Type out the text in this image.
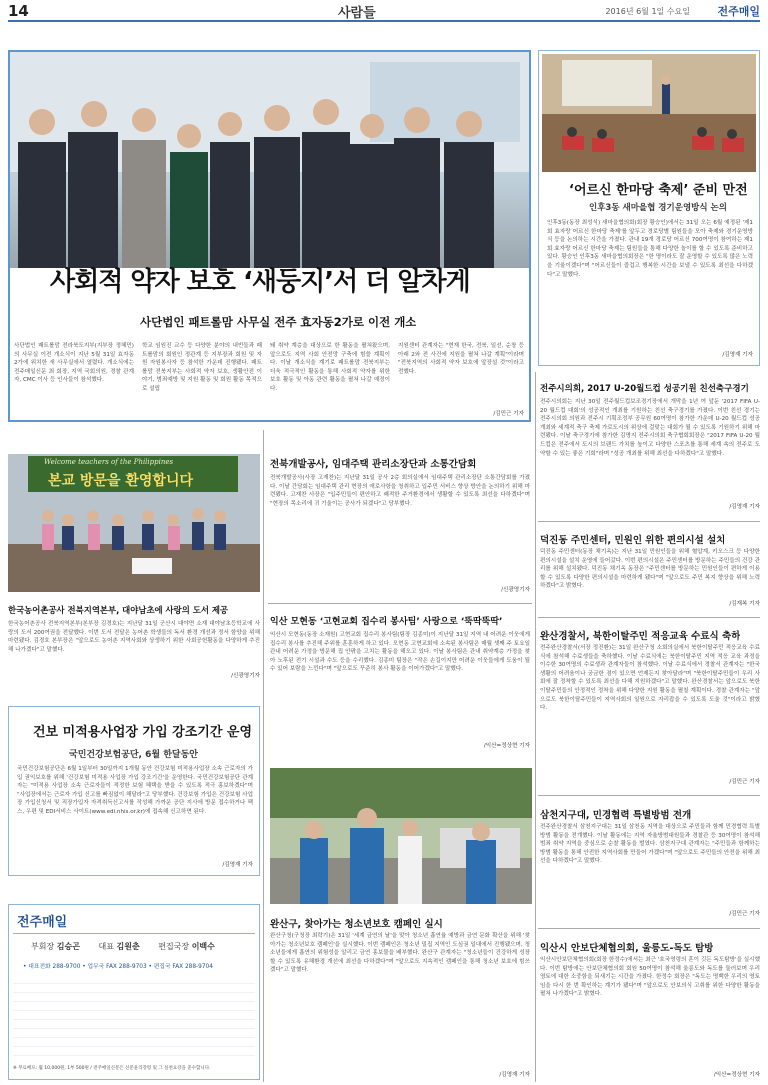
14	사람들	2016년 6월 1일 수요일 전주매일
사회적 약자 보호 ‘새둥지’서 더 알차게
사단법인 패트롤맘 사무실 전주 효자동2가로 이전 개소
사단법인 패트롤맘 전라북도지부(지부장 정혜민)의 사무실 이전 개소식이 지난 5월 31일 효자동 2가에 위치한 새 사무실에서 열렸다. 개소식에는 전주매일신문 최 회장, 지역 국회의원, 경찰 관계자, CMC 이사 등 인사들이 참석했다.
학교 임원진 교수 등 다양한 분야의 내빈들과 패트롤맘의 회원인 정관계 등 지부장과 회원 및 자원 자원봉사자 등 참석한 가운데 진행됐다. 패트롤맘 전북지부는 사회적 약자 보호, 생활안전 이야기, 범죄예방 및 지원 활동 및 회원 활동 목적으로 설립
돼 취약 계층을 대상으로 한 활동을 펼쳐왔으며, 앞으로도 지역 사회 안전망 구축에 힘쓸 계획이다. 이날 개소식을 계기로 패트롤맘 전북지부는 더욱 적극적인 활동을 통해 사회적 약자를 위한 보호 활동 및 아동 관련 활동을 펼쳐 나갈 예정이다.
지원센터 관계자는 "현재 한국, 전북, 일선, 순창 등 아래 2와 전 사건에 지원을 펼쳐 나갈 계획"이라며 "전북지역의 사회적 약자 보호에 앞장설 것"이라고 전했다.
/김민근 기자
‘어르신 한마당 축제’ 준비 만전
인후3동 새마을협 경기운영방식 논의
인후3동(동장 최성식) 새마을협의회(회장 황승인)에서는 31일 오는 6월 예정된 '제1회 효자랑 어르신 한마당 축제'를 앞두고 경로당별 팀원들을 모아 축제와 경기운영방식 등을 논의하는 시간을 가졌다. 관내 19개 경로당 어르신 700여명이 참여하는 제1회 효자랑 어르신 한마당 축제는 팀원들을 통해 다양한 놀이를 할 수 있도록 준비하고 있다. 황승인 인후3동 새마을협의회장은 "한 명이라도 잘 운영할 수 있도록 많은 노력을 기울이겠다"며 "어르신들이 즐겁고 행복한 시간을 보낼 수 있도록 최선을 다하겠다"고 말했다.
/김영재 기자
전주시의회, 2017 U-20월드컵 성공기원 친선축구경기
전주시의회는 지난 30일 전주월드컵보조경기장에서 개막을 1년 여 앞둔 '2017 FIFA U-20 월드컵 대회'의 성공적인 개최를 기원하는 친선 축구경기를 가졌다. 이번 친선 경기는 전주시의회 의원과 전주시 기획조정부 공무원 60여명이 참가한 가운데 U-20 월드컵 성공 개최와 세계적 축구 축제 가로도시의 위상에 걸맞는 대회가 될 수 있도록 기원하기 위해 마련됐다. 이날 축구경기에 참가한 김명지 전주시의회 축구협회회장은 "2017 FIFA U-20 월드컵은 전주에서 도시의 브랜드 가치를 높이고 다양한 스포츠를 통해 세계 속의 전주로 도약할 수 있는 좋은 기회"라며 "성공 개최를 위해 최선을 다하겠다"고 말했다.
/김영재 기자
덕진동 주민센터, 민원인 위한 편의시설 설치
덕진동 주민센터(동장 채기옥)는 지난 31일 민원인들을 위해 혈압계, 키오스크 등 다양한 편의시설을 설치 운영에 들어갔다. 이번 편의시설은 주민센터를 방문하는 주민들의 건강 관리를 위해 설치됐다. 덕진동 채기옥 동장은 "주민센터를 방문하는 민원인들이 편하게 이용할 수 있도록 다양한 편의시설을 마련하게 됐다"며 "앞으로도 주민 복지 향상을 위해 노력하겠다"고 밝혔다.
/김재복 기자
완산경찰서, 북한이탈주민 적응교육 수료식 축하
전주완산경찰서(서장 정진환)는 31일 완산구청 소회의실에서 북한이탈주민 적응교육 수료식에 참석해 수료생들을 축하했다. 이날 수료식에는 북한이탈주민 지역 적응 교육 과정을 이수한 30여명의 수료생과 관계자들이 참석했다. 이날 수료식에서 경찰서 관계자는 "한국 생활의 어려움이나 궁금한 점이 있으면 언제든지 찾아달라"며 "북한이탈주민들이 우리 사회에 잘 정착할 수 있도록 최선을 다해 지원하겠다"고 말했다. 완산경찰서는 앞으로도 북한이탈주민들의 안정적인 정착을 위해 다양한 지원 활동을 펼칠 계획이다. 경찰 관계자는 "앞으로도 북한이탈주민들이 지역사회의 일원으로 자리잡을 수 있도록 도울 것"이라고 밝혔다.
/김민근 기자
삼천지구대, 민경협력 특별방범 전개
전주완산경찰서 삼천지구대는 31일 삼천동 지역을 대상으로 주민들과 함께 민경협력 특별방범 활동을 전개했다. 이날 활동에는 지역 자율방범대원들과 경찰관 등 30여명이 참석해 범죄 취약 지역을 중심으로 순찰 활동을 벌였다. 삼천지구대 관계자는 "주민들과 함께하는 방범 활동을 통해 안전한 지역사회를 만들어 가겠다"며 "앞으로도 주민들의 안전을 위해 최선을 다하겠다"고 말했다.
/김민근 기자
익산시 안보단체협의회, 울릉도-독도 탐방
익산시안보단체협의회(회장 한정수)에서는 최근 '호국영령의 혼이 깃든 독도탐방'을 실시했다. 이번 탐방에는 안보단체협의회 회원 50여명이 참석해 울릉도와 독도를 둘러보며 우리 영토에 대한 소중함을 되새기는 시간을 가졌다. 한정수 회장은 "독도는 명백한 우리의 영토임을 다시 한 번 확인하는 계기가 됐다"며 "앞으로도 안보의식 고취를 위한 다양한 활동을 펼쳐 나가겠다"고 밝혔다.
/익산=정상현 기자
Welcome teachers of the Philippines
본교 방문을 환영합니다
한국농어촌공사 전북지역본부, 대야남초에 사랑의 도서 제공
한국농어촌공사 전북지역본부(본부장 김경호)는 지난달 31일 군산시 대야면 소재 대야남초등학교에 사랑의 도서 200여권을 전달했다. 이번 도서 전달은 농어촌 학생들의 독서 환경 개선과 정서 함양을 위해 마련됐다. 김경호 본부장은 "앞으로도 농어촌 지역사회와 상생하기 위한 사회공헌활동을 다양하게 추진해 나가겠다"고 말했다.
/신광영기자
건보 미적용사업장 가입 강조기간 운영
국민건강보험공단, 6월 한달동안
국민건강보험공단은 6월 1일부터 30일까지 1개월 동안 건강보험 미적용사업장 소속 근로자의 가입 권익보호를 위해 '건강보험 미적용 사업장 가입 강조기간'을 운영한다. 국민건강보험공단 관계자는 "미적용 사업장 소속 근로자들이 적정한 보험 혜택을 받을 수 있도록 적극 홍보하겠다"며 "사업장에서는 근로자 가입 신고를 빠짐없이 해달라"고 당부했다. 건강보험 가입은 건강보험 사업장 가입신청서 및 직장가입자 자격취득신고서를 작성해 가까운 공단 지사에 방문 접수하거나 팩스, 우편 및 EDI서비스 사이트(www.edi.nhis.or.kr)에 접속해 신고하면 된다.
/김영재 기자
전주매일
부회장 김승곤 대표 김원춘 편집국장 이백수
• 대표전화 288-9700 • 업무국 FAX 288-9703 • 편집국 FAX 288-9704
※ 무료배포: 월 10,000원, 1부 500원 / 전주매일신문은 신문윤리강령 및 그 실천요강을 준수합니다.
전북개발공사, 임대주택 관리소장단과 소통간담회
전북개발공사(사장 고재찬)는 지난달 31일 공사 2층 회의실에서 임대주택 관리소장단 소통간담회를 가졌다. 이날 간담회는 임대주택 관리 현장의 애로사항을 청취하고 입주민 서비스 향상 방안을 논의하기 위해 마련됐다. 고재찬 사장은 "입주민들이 편안하고 쾌적한 주거환경에서 생활할 수 있도록 최선을 다하겠다"며 "현장의 목소리에 귀 기울이는 공사가 되겠다"고 당부했다.
/신광영기자
익산 모현동 ‘고현교회 집수리 봉사팀’ 사랑으로 ‘뚝딱뚝딱’
익산시 모현동(동장 소재원) 고현교회 집수리 봉사팀(팀장 김종미)이 지난달 31일 지역 내 어려운 이웃에게 집수리 봉사를 추진해 주위를 훈훈하게 하고 있다. 모현동 고현교회에 소속된 봉사팀은 매월 셋째 주 토요일 관내 어려운 가정을 방문해 집 안팎을 고치는 활동을 해오고 있다. 이날 봉사팀은 관내 취약계층 가정을 찾아 노후된 전기 시설과 수도 등을 수리했다. 김종미 팀장은 "작은 손길이지만 어려운 이웃들에게 도움이 될 수 있어 보람을 느낀다"며 "앞으로도 꾸준히 봉사 활동을 이어가겠다"고 말했다.
/익산=정상현 기자
완산구, 찾아가는 청소년보호 캠페인 실시
완산구청(구청장 최락기)은 31일 '세계 금연의 날'을 맞아 청소년 흡연율 예방과 금연 문화 확산을 위해 '찾아가는 청소년보호 캠페인'을 실시했다. 이번 캠페인은 청소년 밀집 지역인 도심권 일대에서 진행됐으며, 청소년들에게 흡연의 위험성을 알리고 금연 홍보물을 배부했다. 완산구 관계자는 "청소년들이 건강하게 성장할 수 있도록 유해환경 개선에 최선을 다하겠다"며 "앞으로도 지속적인 캠페인을 통해 청소년 보호에 힘쓰겠다"고 말했다.
/김영재 기자
